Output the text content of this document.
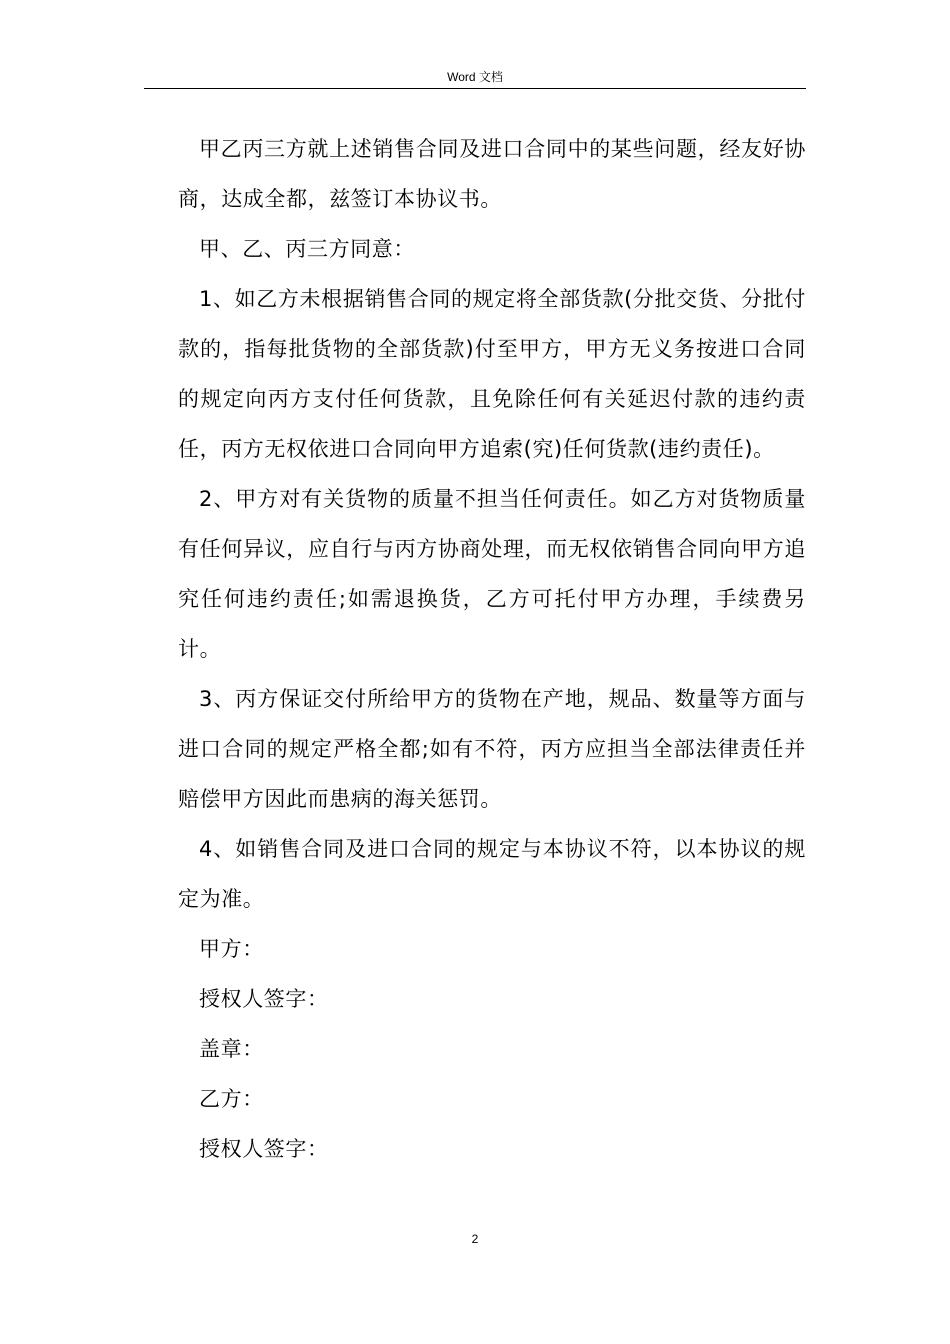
Word 文档

甲乙丙三方就上述销售合同及进口合同中的某些问题，经友好协商，达成全都，兹签订本协议书。

甲、乙、丙三方同意：

1、如乙方未根据销售合同的规定将全部货款(分批交货、分批付款的，指每批货物的全部货款)付至甲方，甲方无义务按进口合同的规定向丙方支付任何货款，且免除任何有关延迟付款的违约责任，丙方无权依进口合同向甲方追索(究)任何货款(违约责任)。

2、甲方对有关货物的质量不担当任何责任。如乙方对货物质量有任何异议，应自行与丙方协商处理，而无权依销售合同向甲方追究任何违约责任;如需退换货，乙方可托付甲方办理，手续费另计。

3、丙方保证交付所给甲方的货物在产地，规品、数量等方面与进口合同的规定严格全都;如有不符，丙方应担当全部法律责任并赔偿甲方因此而患病的海关惩罚。

4、如销售合同及进口合同的规定与本协议不符，以本协议的规定为准。

甲方：

授权人签字：

盖章：

乙方：

授权人签字：

2
